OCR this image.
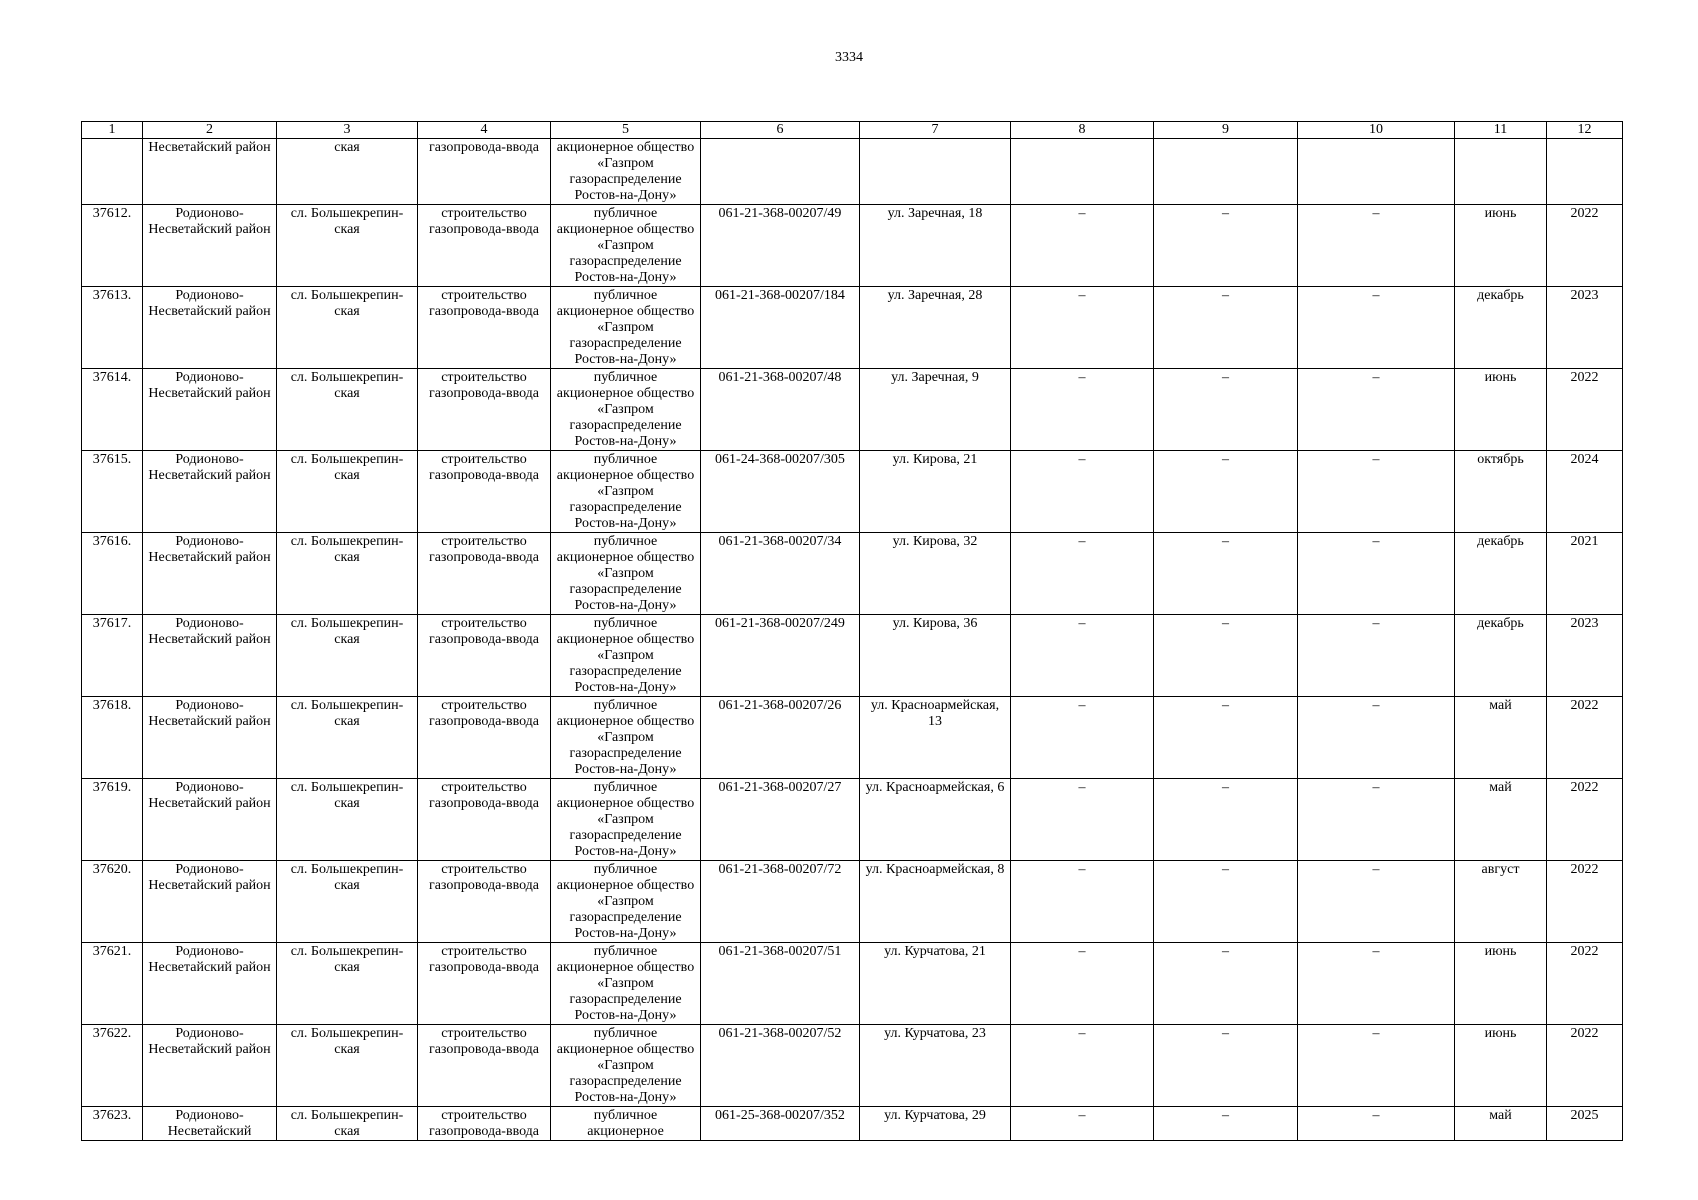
3334
1	2	3	4	5	6	7	8	9	10	11	12
	Несветайский район	ская	газопровода-ввода	акционерное общество «Газпром газораспределение Ростов-на-Дону»							
37612.	Родионово-Несветайский район	сл. Большекрепин-ская	строительство газопровода-ввода	публичное акционерное общество «Газпром газораспределение Ростов-на-Дону»	061-21-368-00207/49	ул. Заречная, 18	–	–	–	июнь	2022
37613.	Родионово-Несветайский район	сл. Большекрепин-ская	строительство газопровода-ввода	публичное акционерное общество «Газпром газораспределение Ростов-на-Дону»	061-21-368-00207/184	ул. Заречная, 28	–	–	–	декабрь	2023
37614.	Родионово-Несветайский район	сл. Большекрепин-ская	строительство газопровода-ввода	публичное акционерное общество «Газпром газораспределение Ростов-на-Дону»	061-21-368-00207/48	ул. Заречная, 9	–	–	–	июнь	2022
37615.	Родионово-Несветайский район	сл. Большекрепин-ская	строительство газопровода-ввода	публичное акционерное общество «Газпром газораспределение Ростов-на-Дону»	061-24-368-00207/305	ул. Кирова, 21	–	–	–	октябрь	2024
37616.	Родионово-Несветайский район	сл. Большекрепин-ская	строительство газопровода-ввода	публичное акционерное общество «Газпром газораспределение Ростов-на-Дону»	061-21-368-00207/34	ул. Кирова, 32	–	–	–	декабрь	2021
37617.	Родионово-Несветайский район	сл. Большекрепин-ская	строительство газопровода-ввода	публичное акционерное общество «Газпром газораспределение Ростов-на-Дону»	061-21-368-00207/249	ул. Кирова, 36	–	–	–	декабрь	2023
37618.	Родионово-Несветайский район	сл. Большекрепин-ская	строительство газопровода-ввода	публичное акционерное общество «Газпром газораспределение Ростов-на-Дону»	061-21-368-00207/26	ул. Красноармейская, 13	–	–	–	май	2022
37619.	Родионово-Несветайский район	сл. Большекрепин-ская	строительство газопровода-ввода	публичное акционерное общество «Газпром газораспределение Ростов-на-Дону»	061-21-368-00207/27	ул. Красноармейская, 6	–	–	–	май	2022
37620.	Родионово-Несветайский район	сл. Большекрепин-ская	строительство газопровода-ввода	публичное акционерное общество «Газпром газораспределение Ростов-на-Дону»	061-21-368-00207/72	ул. Красноармейская, 8	–	–	–	август	2022
37621.	Родионово-Несветайский район	сл. Большекрепин-ская	строительство газопровода-ввода	публичное акционерное общество «Газпром газораспределение Ростов-на-Дону»	061-21-368-00207/51	ул. Курчатова, 21	–	–	–	июнь	2022
37622.	Родионово-Несветайский район	сл. Большекрепин-ская	строительство газопровода-ввода	публичное акционерное общество «Газпром газораспределение Ростов-на-Дону»	061-21-368-00207/52	ул. Курчатова, 23	–	–	–	июнь	2022
37623.	Родионово-Несветайский	сл. Большекрепин-ская	строительство газопровода-ввода	публичное акционерное	061-25-368-00207/352	ул. Курчатова, 29	–	–	–	май	2025
